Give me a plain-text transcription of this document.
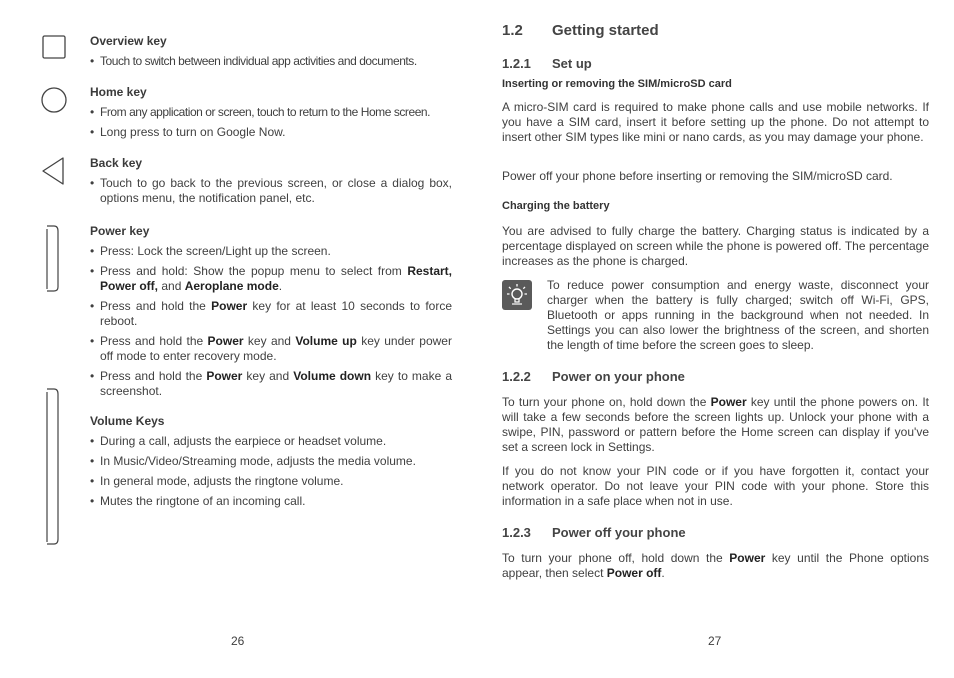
Overview key
• Touch to switch between individual app activities and documents.
Home key
• From any application or screen, touch to return to the Home screen.
• Long press to turn on Google Now.
Back key
• Touch to go back to the previous screen, or close a dialog box, options menu, the notification panel, etc.
Power key
• Press: Lock the screen/Light up the screen.
• Press and hold: Show the popup menu to select from Restart, Power off, and Aeroplane mode.
• Press and hold the Power key for at least 10 seconds to force reboot.
• Press and hold the Power key and Volume up key under power off mode to enter recovery mode.
• Press and hold the Power key and Volume down key to make a screenshot.
Volume Keys
• During a call, adjusts the earpiece or headset volume.
• In Music/Video/Streaming mode, adjusts the media volume.
• In general mode, adjusts the ringtone volume.
• Mutes the ringtone of an incoming call.
26
1.2 Getting started
1.2.1 Set up
Inserting or removing the SIM/microSD card

A micro-SIM card is required to make phone calls and use mobile networks. If you have a SIM card, insert it before setting up the phone. Do not attempt to insert other SIM types like mini or nano cards, as you may damage your phone.

Power off your phone before inserting or removing the SIM/microSD card.

Charging the battery

You are advised to fully charge the battery. Charging status is indicated by a percentage displayed on screen while the phone is powered off. The percentage increases as the phone is charged.

To reduce power consumption and energy waste, disconnect your charger when the battery is fully charged; switch off Wi-Fi, GPS, Bluetooth or apps running in the background when not needed. In Settings you can also lower the brightness of the screen, and shorten the length of time before the screen goes to sleep.

1.2.2 Power on your phone

To turn your phone on, hold down the Power key until the phone powers on. It will take a few seconds before the screen lights up. Unlock your phone with a swipe, PIN, password or pattern before the Home screen can display if you've set a screen lock in Settings.

If you do not know your PIN code or if you have forgotten it, contact your network operator. Do not leave your PIN code with your phone. Store this information in a safe place when not in use.

1.2.3 Power off your phone

To turn your phone off, hold down the Power key until the Phone options appear, then select Power off.

27
